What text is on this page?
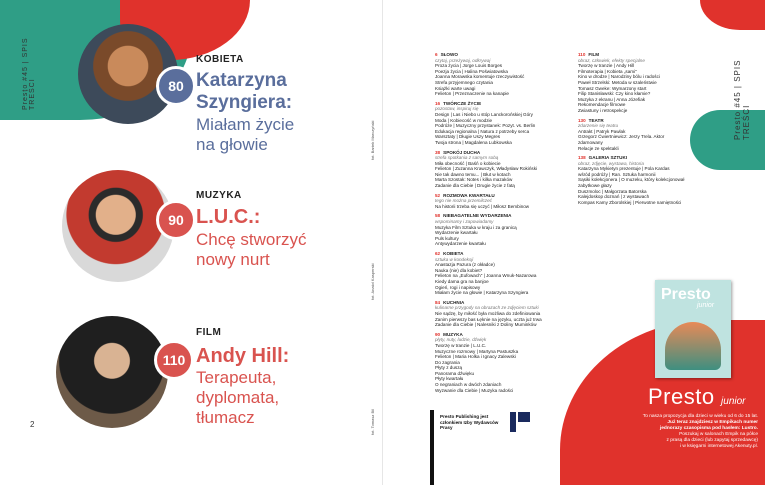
80
KOBIETA
Katarzyna Szyngiera:
Miałam życie na głowie	fot. Bartek Marczyński
90
MUZYKA
L.U.C.:
Chcę stworzyć nowy nurt
fot. Anatol Kasperski
110
FILM
Andy Hill:
Terapeuta, dyplomata, tłumacz	fot. Tomasz Bil
2
Presto #45 | SPIS TREŚCI	Presto #45 | SPIS TREŚCI
6 SŁOWO
czytaj, przeżywaj, odkrywaj
Proza życia | Jorge Louis Borges
Poezja życia | Halina Poświatowska
Joanna Morawska komentuje rzeczywistość
Strefa przyjemnego czytania
Książki warte uwagi
Felieton | Przeznaczenie na kanapie
16 TWÓRCZE ŻYCIE
pozostaw, inspiruj się
Design | Las i Niebo u stóp Lanckorońskiej Góry
Moda | Kobiecość w modzie
Podróże | Muzyczny przystanek: Pozyt. vs. Berlin
Edukacja regionalna | Natura z potrzeby serca
Warsztaty | Długie Uszy Megres
Twoja strona | Magdalena Lubkowska
38 SPOKÓJ DUCHA
strefa spotkania z samym sobą
Miła obecność | Baśń o kobiecie
Felieton | Zuzanna Krawczyk, Władysław Rokiński
Nie tak dawno temu... | Błut w kotach
Marta Szostak: Notes i kilka mazaków
Zadanie dla Ciebie | Drugie życie z fatą
52 ROZMOWA KWARTAŁU
tego nie można przemilczeć
Na historii trzeba się uczyć | Miłosz Bembinow
58 NIEBAGATELNE WYDARZENIA
wspominamy i zapowiadamy
Muzyka Film Sztuka w kraju i za granicą
Wydarzenie kwartału
Puls kultury
Antywydarzenie kwartału
62 KOBIETA
sztuka w kondeksji
Anastazja Pazura (z okładce)
Nauka (nie) dla kobiet?
Felieton na „Eufowach" | Joanna Wnuk-Nazarowa
Kiedy dama gra na banjoe
Ogień, rogi i napisowy
Miałam życie na głowie | Katarzyna Szyngiera
84 KUCHNIA
kulinarne przygody na obrazach ze zdjęciem sztuki
Nie sądzę, by miłość była możliwa do zdefiniowania
Zanim pierwszy bas Łęknie na języku, uczta już trwa
Zadanie dla Ciebie | Nalesniki z Doliny Muminków
90 MUZYKA
płyty, nuty, ludzie, dźwięk
Tworzę w tranzie | L.U.C.
Muzyczne rozmowy | Martyna Pastuszka
Felieton | Maria Holka i Ignacy Zalewski
Do zagrania
Płyty z duszą
Panorama dźwięku
Płyty kwartału
O negraniach w dwóch zdaniach
Wyzwanie dla Ciebie | Muzyka radości
110 FILM
obraz, człowiek, efekty specjalne
Tworzę w tranzie | Andy Hill
Filmoterapia | Kobieta „sami"
Kino w drodze | Narodziny bólu i radości
Paweł Strzelski: Metoda w szaleństwie
Tomasz Gweke: Wymarzony start
Filip Stanisławski: Czy kino kłamie?
Muzyka z ekranu | Anna Józefiak
Rekomendacje filmowe
Zwiastuny i retrospekcje
130 TEATR
zdarzenie się teatru
Antrakt | Patryk Pawlak
Grzegorz Ćwiertniewicz: Jerzy Trela. Aktor zdarnowany
Relacje ze spektakli
138 GALERIA SZTUKI
obraz, zdjęcie, wystawa, historia
Katarzyna Mykietyn prezentuje | Pola Kardas
wśród podróży | Ran. Sztuka harmonii
Sąsiki kolekcjonera | O muzeku, który kolekcjonował zabytkowe głazy
Duszmoloc | Małgorzata Batorska
Kalejdoskop doznań | z wystawach
Kompas Kamy Zborolskiej | Pierwotne namiętności
Presto Publishing jest członkiem Izby Wydawców Prasy
Presto
junior
Presto junior
To nasza propozycja dla dzieci w wieku od 6 do 15 lat.
Już teraz znajdziesz w Empikach numer
jednorazy czasopisma pod hasłem: Lustro.
Poszukaj w salonach Empik na półce
z prasą dla dzieci (lub zapytaj sprzedawcę)
i w księgarni internetowej Akenuty.pl.
